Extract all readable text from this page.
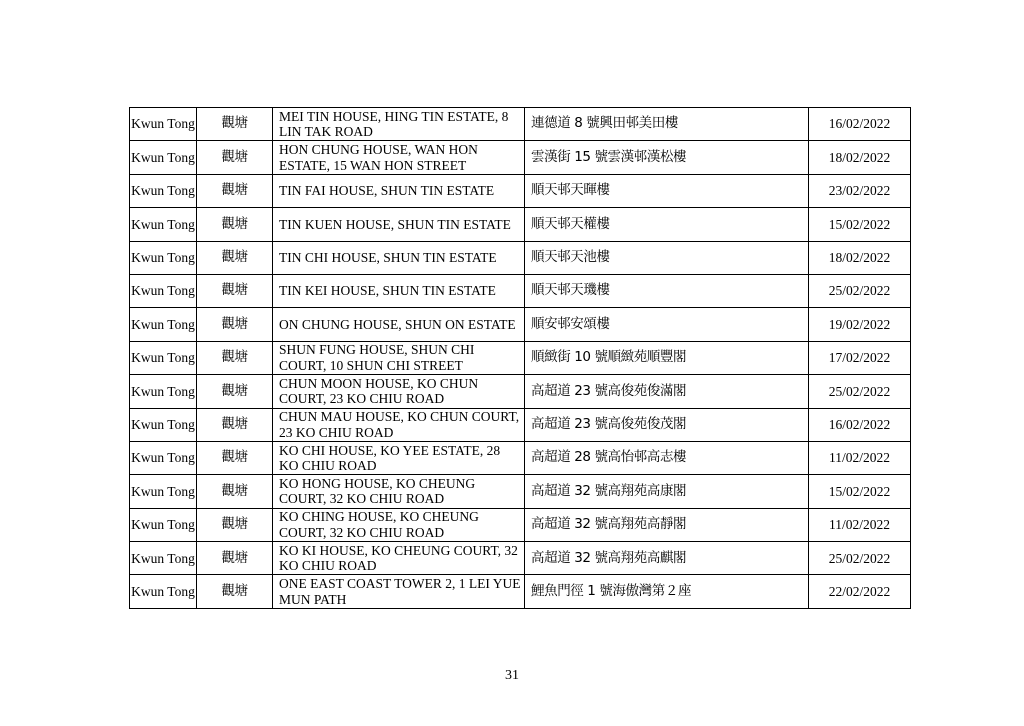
Kwun Tong	觀塘	MEI TIN HOUSE, HING TIN ESTATE, 8 LIN TAK ROAD	連德道 8 號興田邨美田樓	16/02/2022
Kwun Tong	觀塘	HON CHUNG HOUSE, WAN HON ESTATE, 15 WAN HON STREET	雲漢街 15 號雲漢邨漢松樓	18/02/2022
Kwun Tong	觀塘	TIN FAI HOUSE, SHUN TIN ESTATE	順天邨天暉樓	23/02/2022
Kwun Tong	觀塘	TIN KUEN HOUSE, SHUN TIN ESTATE	順天邨天權樓	15/02/2022
Kwun Tong	觀塘	TIN CHI HOUSE, SHUN TIN ESTATE	順天邨天池樓	18/02/2022
Kwun Tong	觀塘	TIN KEI HOUSE, SHUN TIN ESTATE	順天邨天璣樓	25/02/2022
Kwun Tong	觀塘	ON CHUNG HOUSE, SHUN ON ESTATE	順安邨安頌樓	19/02/2022
Kwun Tong	觀塘	SHUN FUNG HOUSE, SHUN CHI COURT, 10 SHUN CHI STREET	順緻街 10 號順緻苑順豐閣	17/02/2022
Kwun Tong	觀塘	CHUN MOON HOUSE, KO CHUN COURT, 23 KO CHIU ROAD	高超道 23 號高俊苑俊滿閣	25/02/2022
Kwun Tong	觀塘	CHUN MAU HOUSE, KO CHUN COURT, 23 KO CHIU ROAD	高超道 23 號高俊苑俊茂閣	16/02/2022
Kwun Tong	觀塘	KO CHI HOUSE, KO YEE ESTATE, 28 KO CHIU ROAD	高超道 28 號高怡邨高志樓	11/02/2022
Kwun Tong	觀塘	KO HONG HOUSE, KO CHEUNG COURT, 32 KO CHIU ROAD	高超道 32 號高翔苑高康閣	15/02/2022
Kwun Tong	觀塘	KO CHING HOUSE, KO CHEUNG COURT, 32 KO CHIU ROAD	高超道 32 號高翔苑高靜閣	11/02/2022
Kwun Tong	觀塘	KO KI HOUSE, KO CHEUNG COURT, 32 KO CHIU ROAD	高超道 32 號高翔苑高麒閣	25/02/2022
Kwun Tong	觀塘	ONE EAST COAST TOWER 2, 1 LEI YUE MUN PATH	鯉魚門徑 1 號海傲灣第２座	22/02/2022
31
